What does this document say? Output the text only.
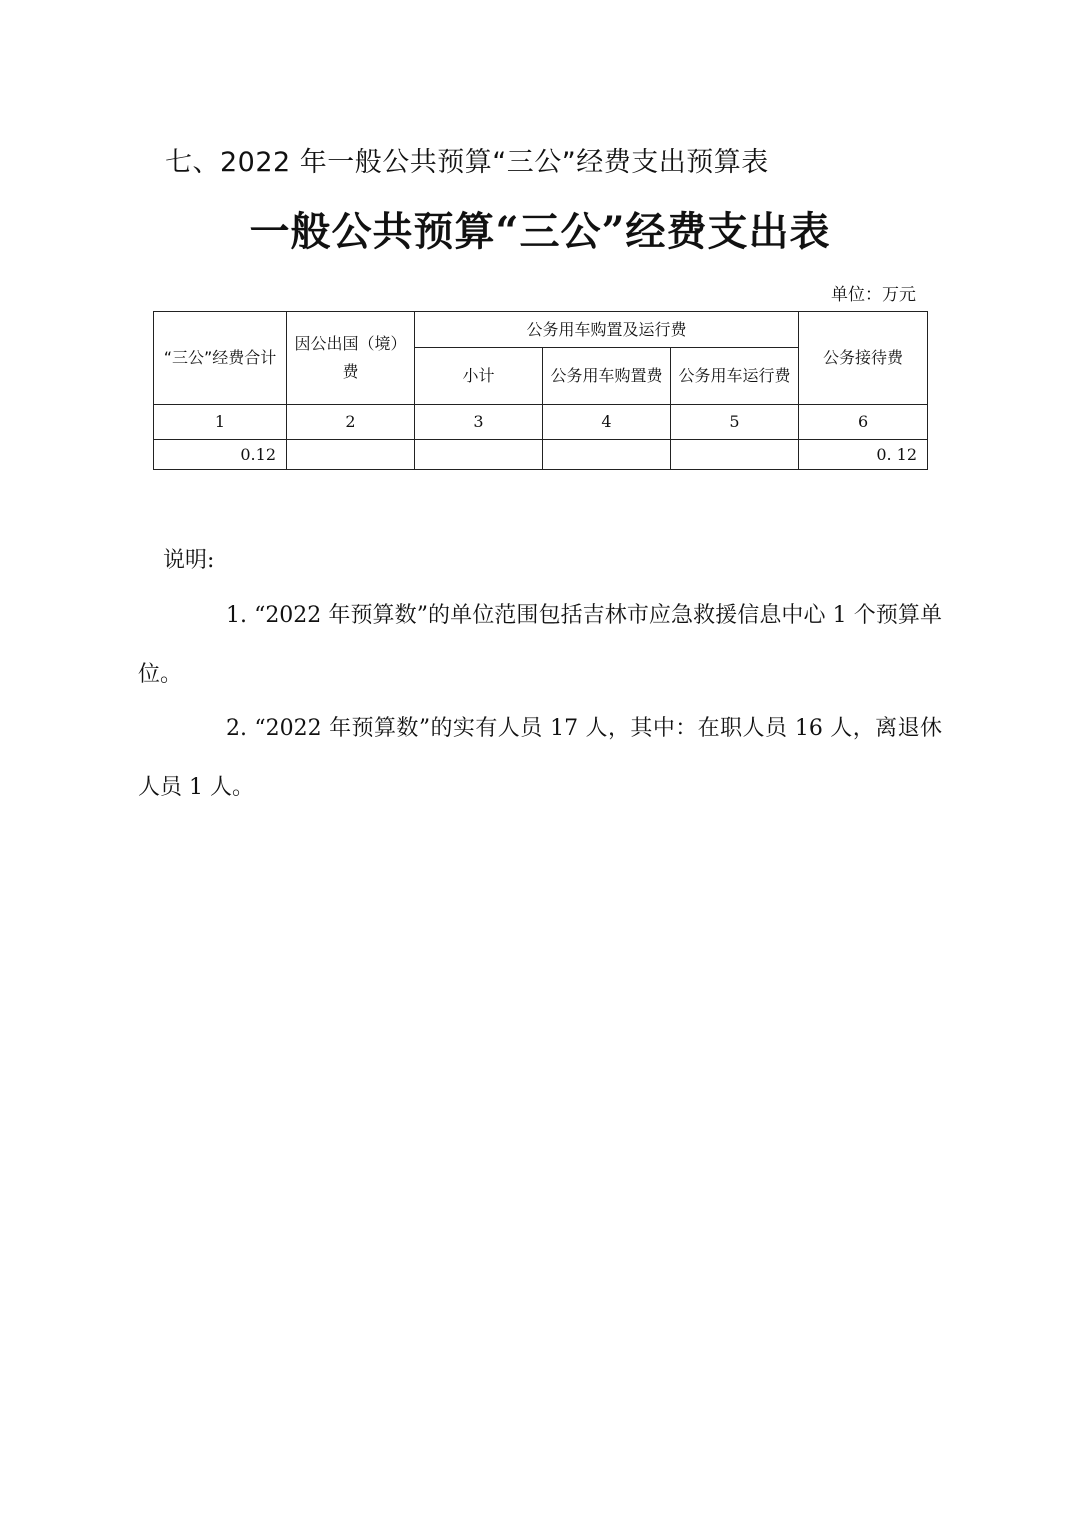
七、2022 年一般公共预算“三公”经费支出预算表
一般公共预算“三公”经费支出表
单位：万元
“三公”经费合计	因公出国（境）费	公务用车购置及运行费			公务接待费
		小计	公务用车购置费	公务用车运行费	
1	2	3	4	5	6
0.12					0. 12
说明:

1. “2022 年预算数”的单位范围包括吉林市应急救援信息中心 1 个预算单位。

2. “2022 年预算数”的实有人员 17 人，其中：在职人员 16 人，离退休人员 1 人。
